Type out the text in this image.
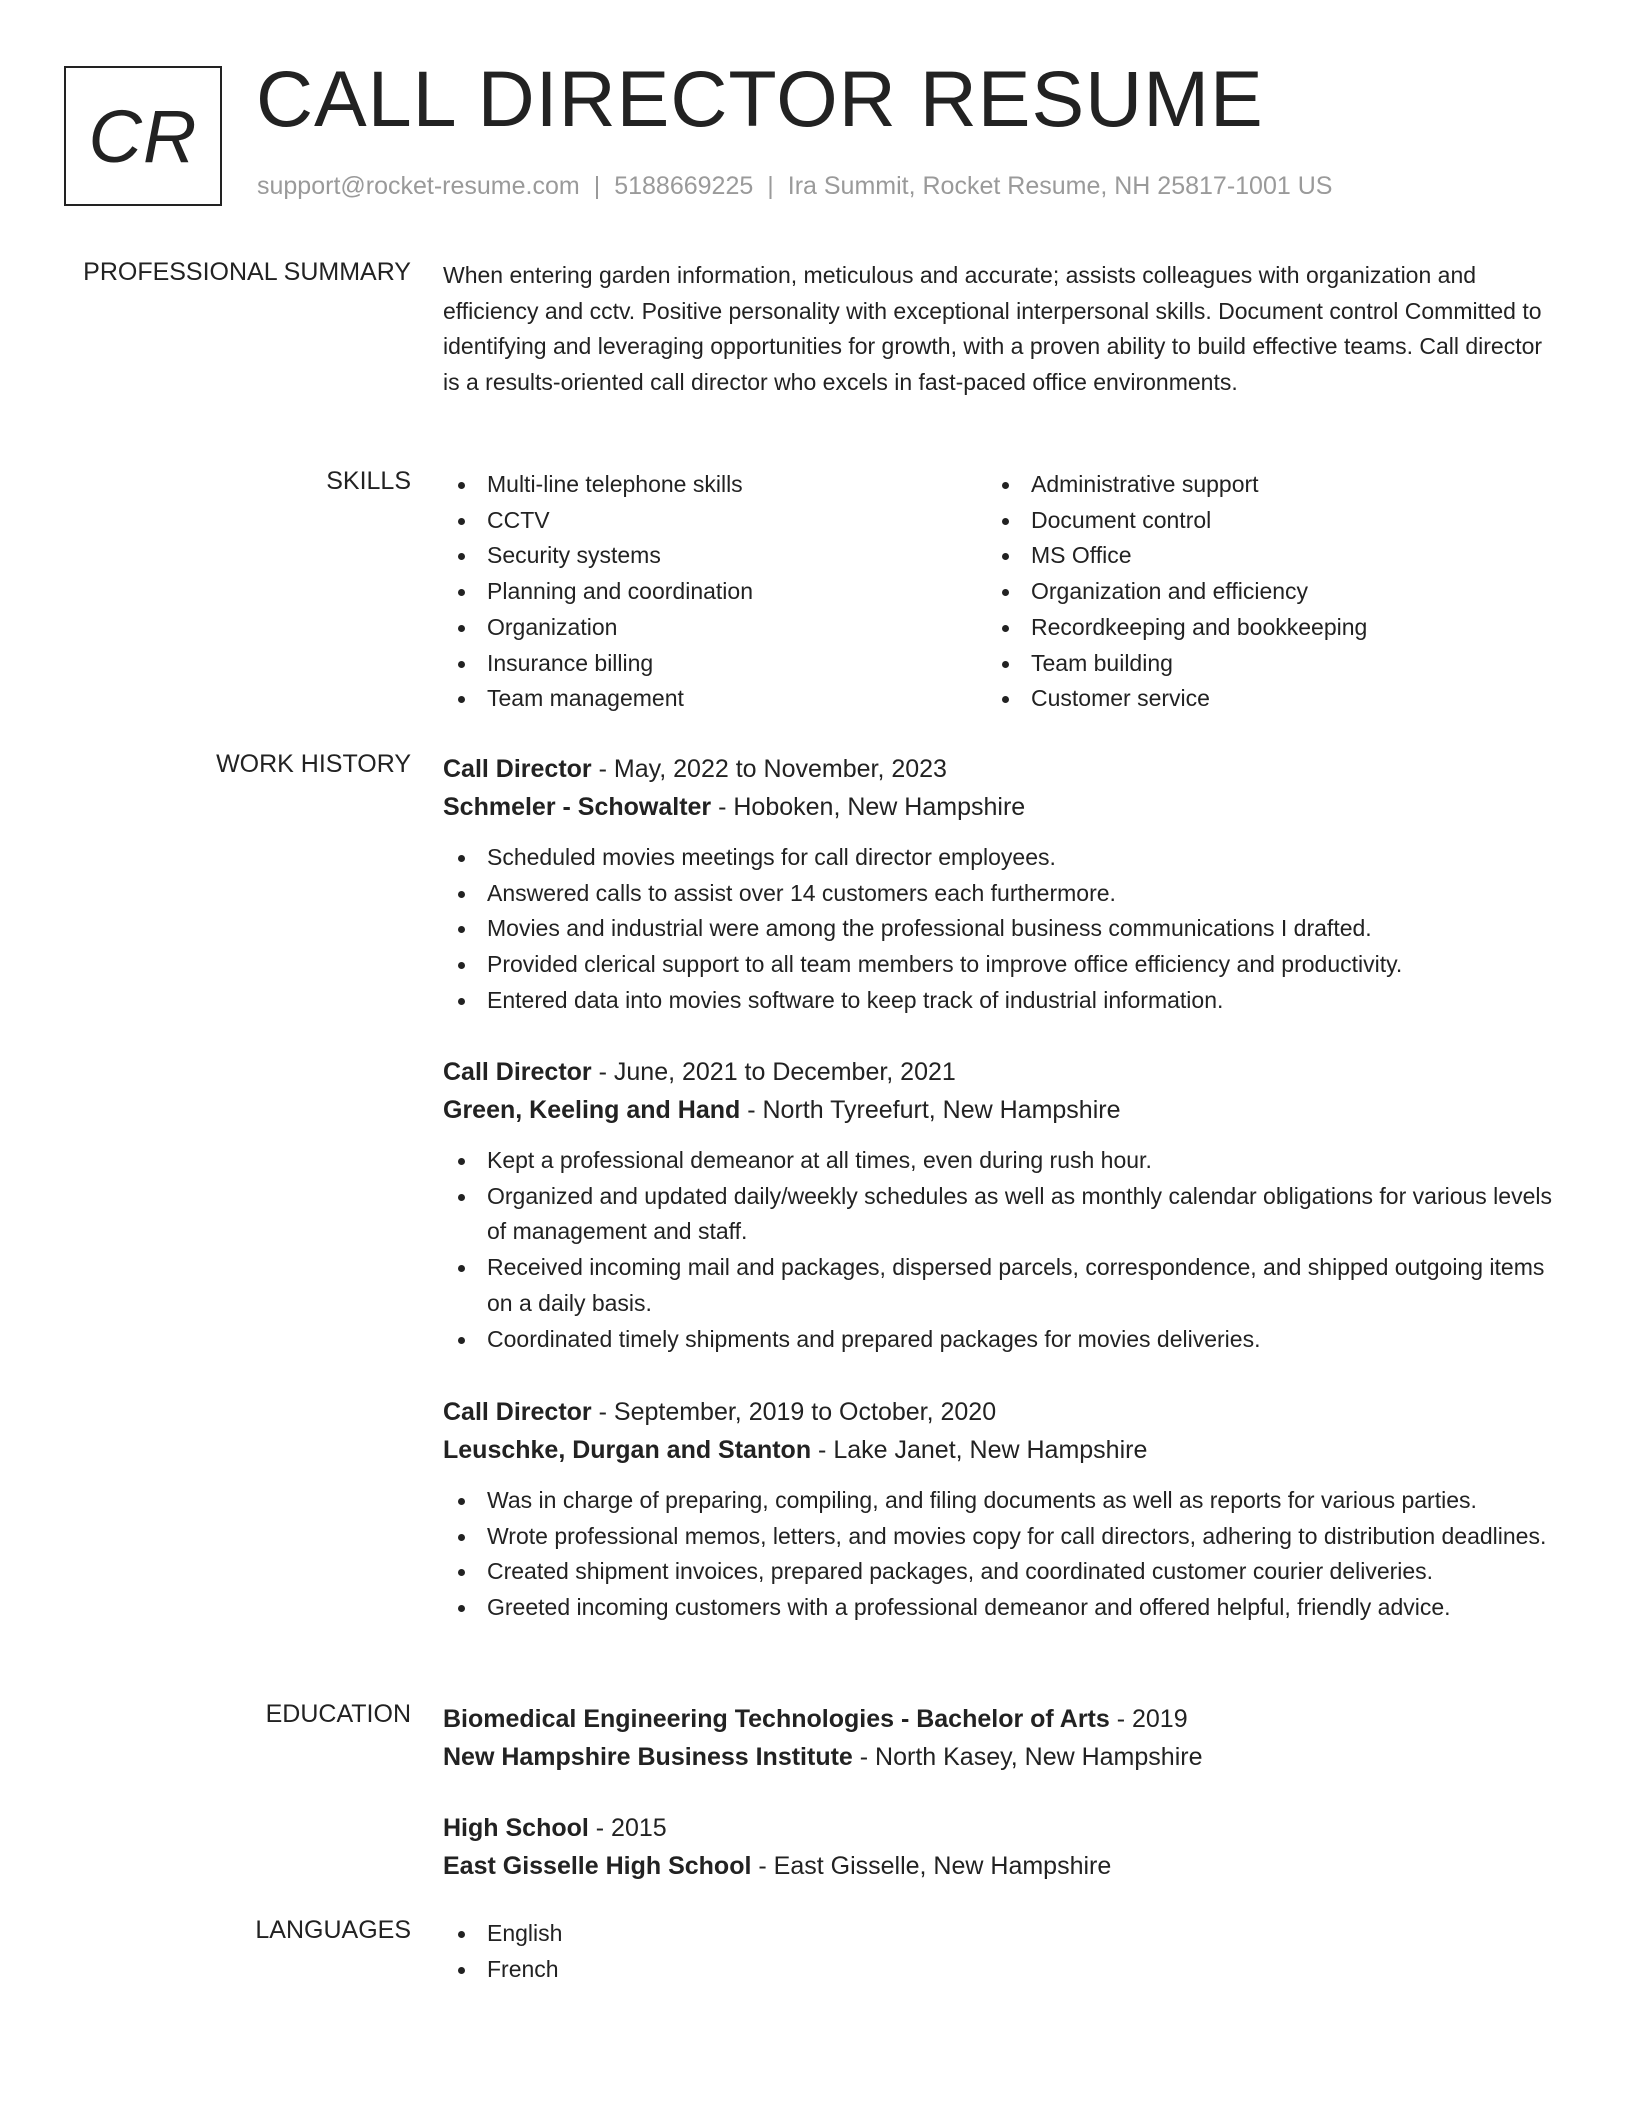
CR CALL DIRECTOR RESUME
support@rocket-resume.com | 5188669225 | Ira Summit, Rocket Resume, NH 25817-1001 US
PROFESSIONAL SUMMARY When entering garden information, meticulous and accurate; assists colleagues with organization and efficiency and cctv. Positive personality with exceptional interpersonal skills. Document control Committed to identifying and leveraging opportunities for growth, with a proven ability to build effective teams. Call director is a results-oriented call director who excels in fast-paced office environments.

SKILLS	Multi-line telephone skills
CCTV
Security systems
Planning and coordination
Organization
Insurance billing
Team management
Administrative support
Document control
MS Office
Organization and efficiency
Recordkeeping and bookkeeping
Team building
Customer service
WORK HISTORY Call Director - May, 2022 to November, 2023
Schmeler - Schowalter - Hoboken, New Hampshire
Scheduled movies meetings for call director employees.
Answered calls to assist over 14 customers each furthermore.
Movies and industrial were among the professional business communications I drafted.
Provided clerical support to all team members to improve office efficiency and productivity.
Entered data into movies software to keep track of industrial information.
Call Director - June, 2021 to December, 2021
Green, Keeling and Hand - North Tyreefurt, New Hampshire
Kept a professional demeanor at all times, even during rush hour.
Organized and updated daily/weekly schedules as well as monthly calendar obligations for various levels of management and staff.
Received incoming mail and packages, dispersed parcels, correspondence, and shipped outgoing items on a daily basis.
Coordinated timely shipments and prepared packages for movies deliveries.
Call Director - September, 2019 to October, 2020
Leuschke, Durgan and Stanton - Lake Janet, New Hampshire
Was in charge of preparing, compiling, and filing documents as well as reports for various parties.
Wrote professional memos, letters, and movies copy for call directors, adhering to distribution deadlines.
Created shipment invoices, prepared packages, and coordinated customer courier deliveries.
Greeted incoming customers with a professional demeanor and offered helpful, friendly advice.
EDUCATION Biomedical Engineering Technologies - Bachelor of Arts - 2019
New Hampshire Business Institute - North Kasey, New Hampshire
High School - 2015
East Gisselle High School - East Gisselle, New Hampshire
LANGUAGES	English
French
